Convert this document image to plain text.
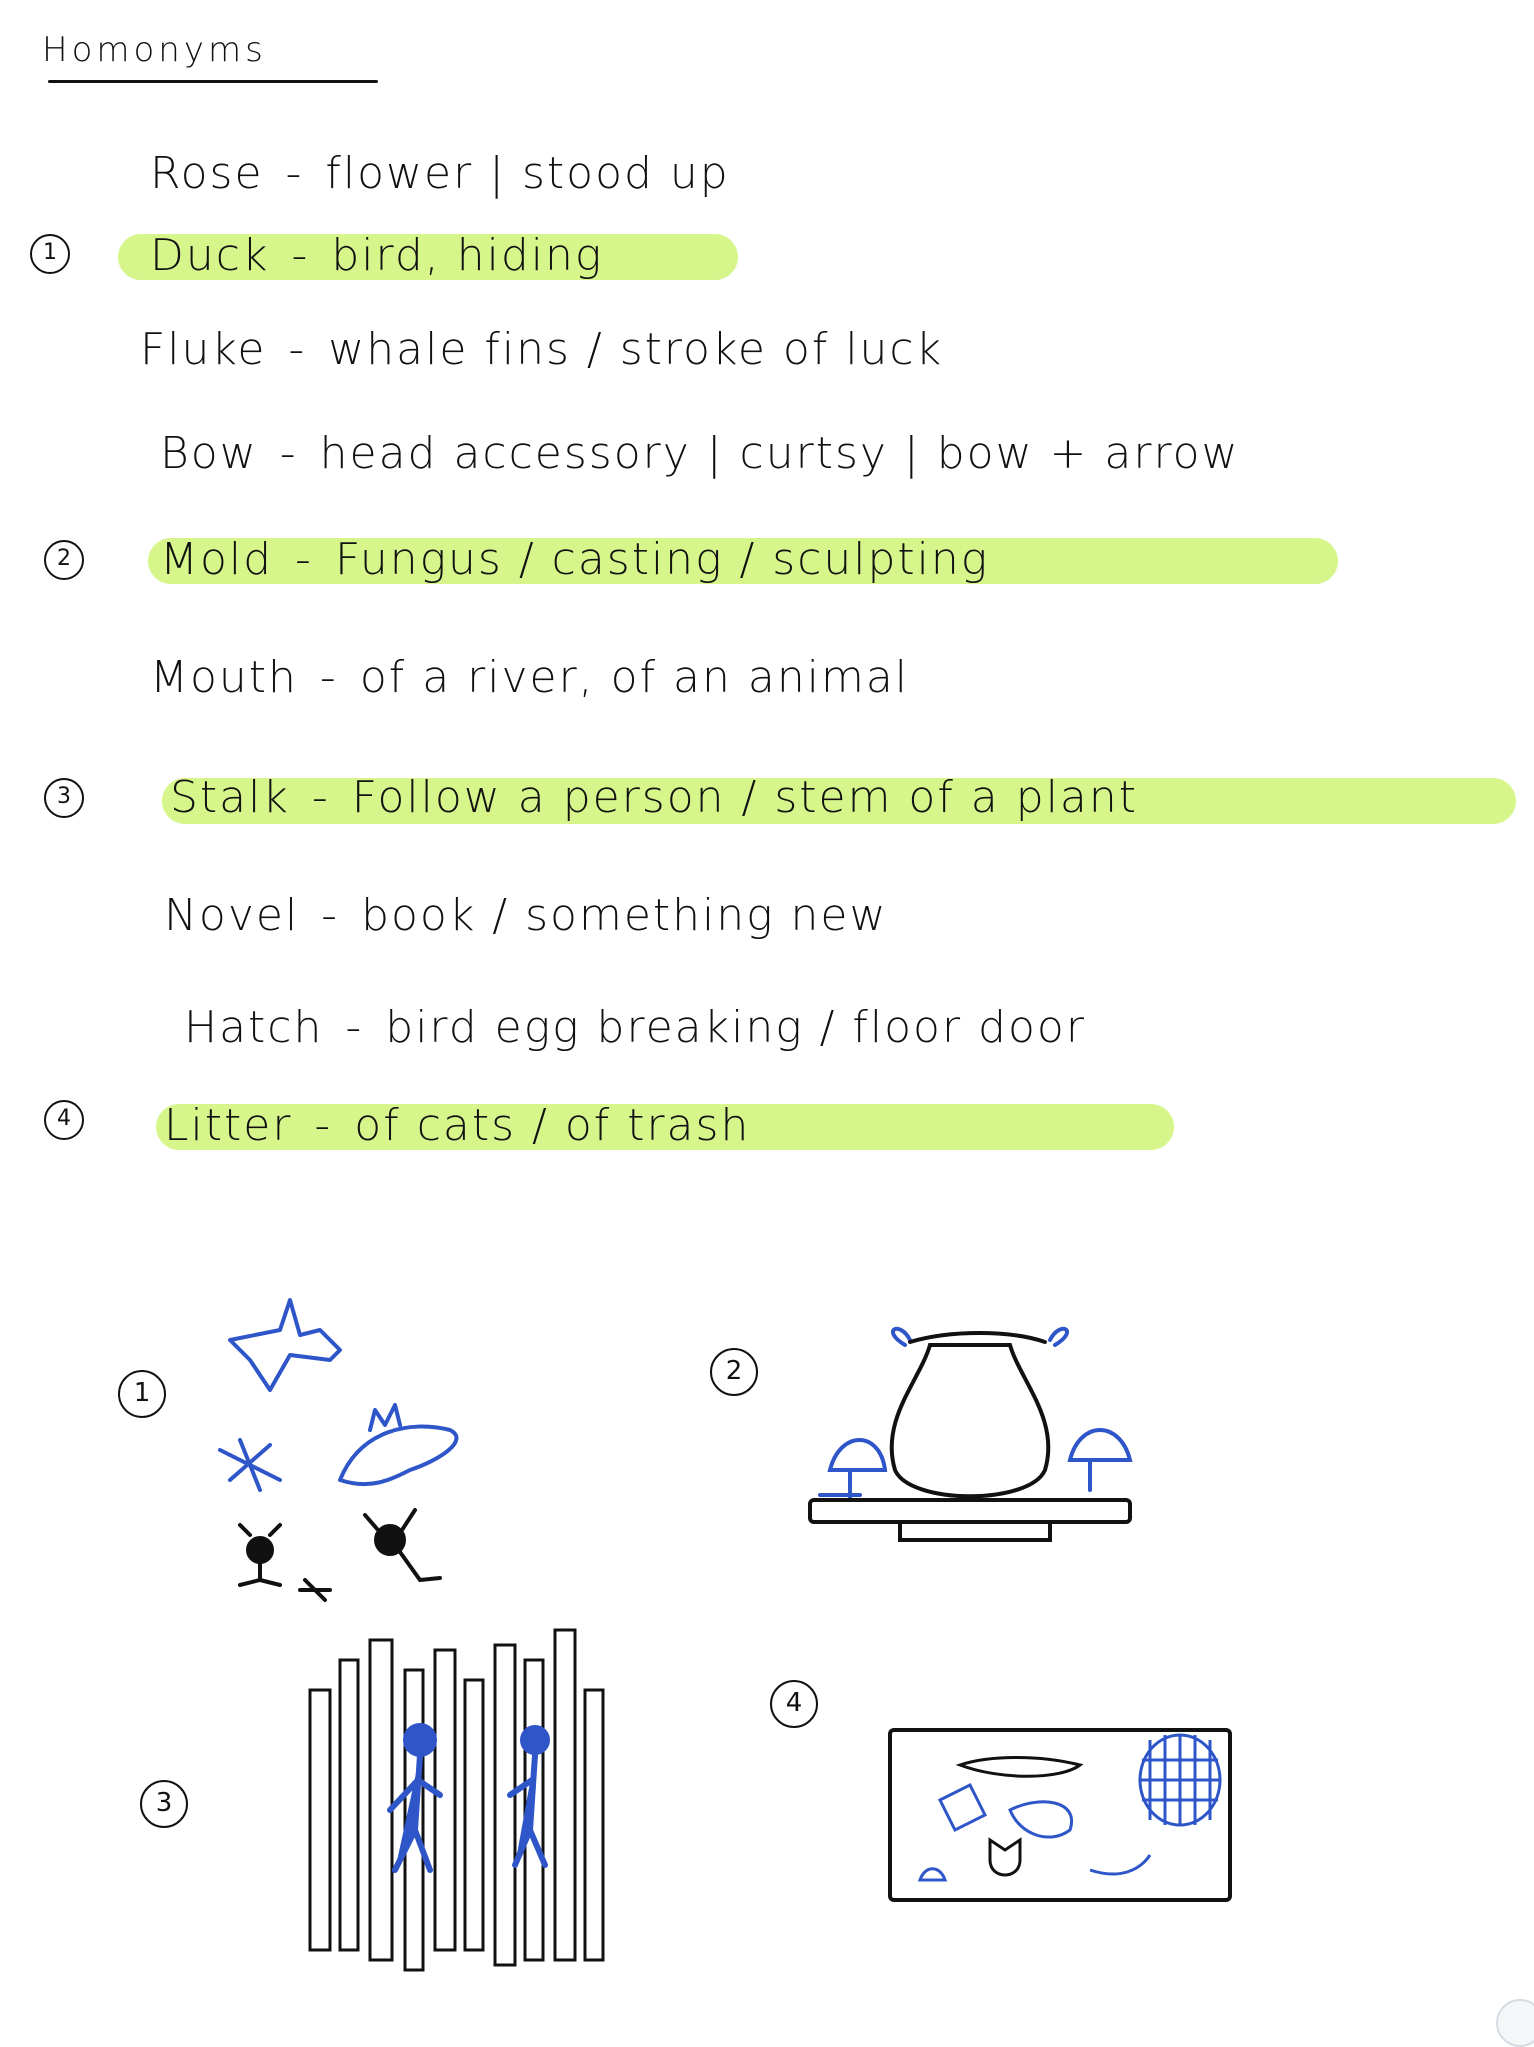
Homonyms
1
2
3
4
Rose - flower | stood up
Duck - bird, hiding
Fluke - whale fins / stroke of luck
Bow - head accessory | curtsy | bow + arrow
Mold - Fungus / casting / sculpting
Mouth - of a river, of an animal
Stalk - Follow a person / stem of a plant
Novel - book / something new
Hatch - bird egg breaking / floor door
Litter - of cats / of trash
1
2
3
4
